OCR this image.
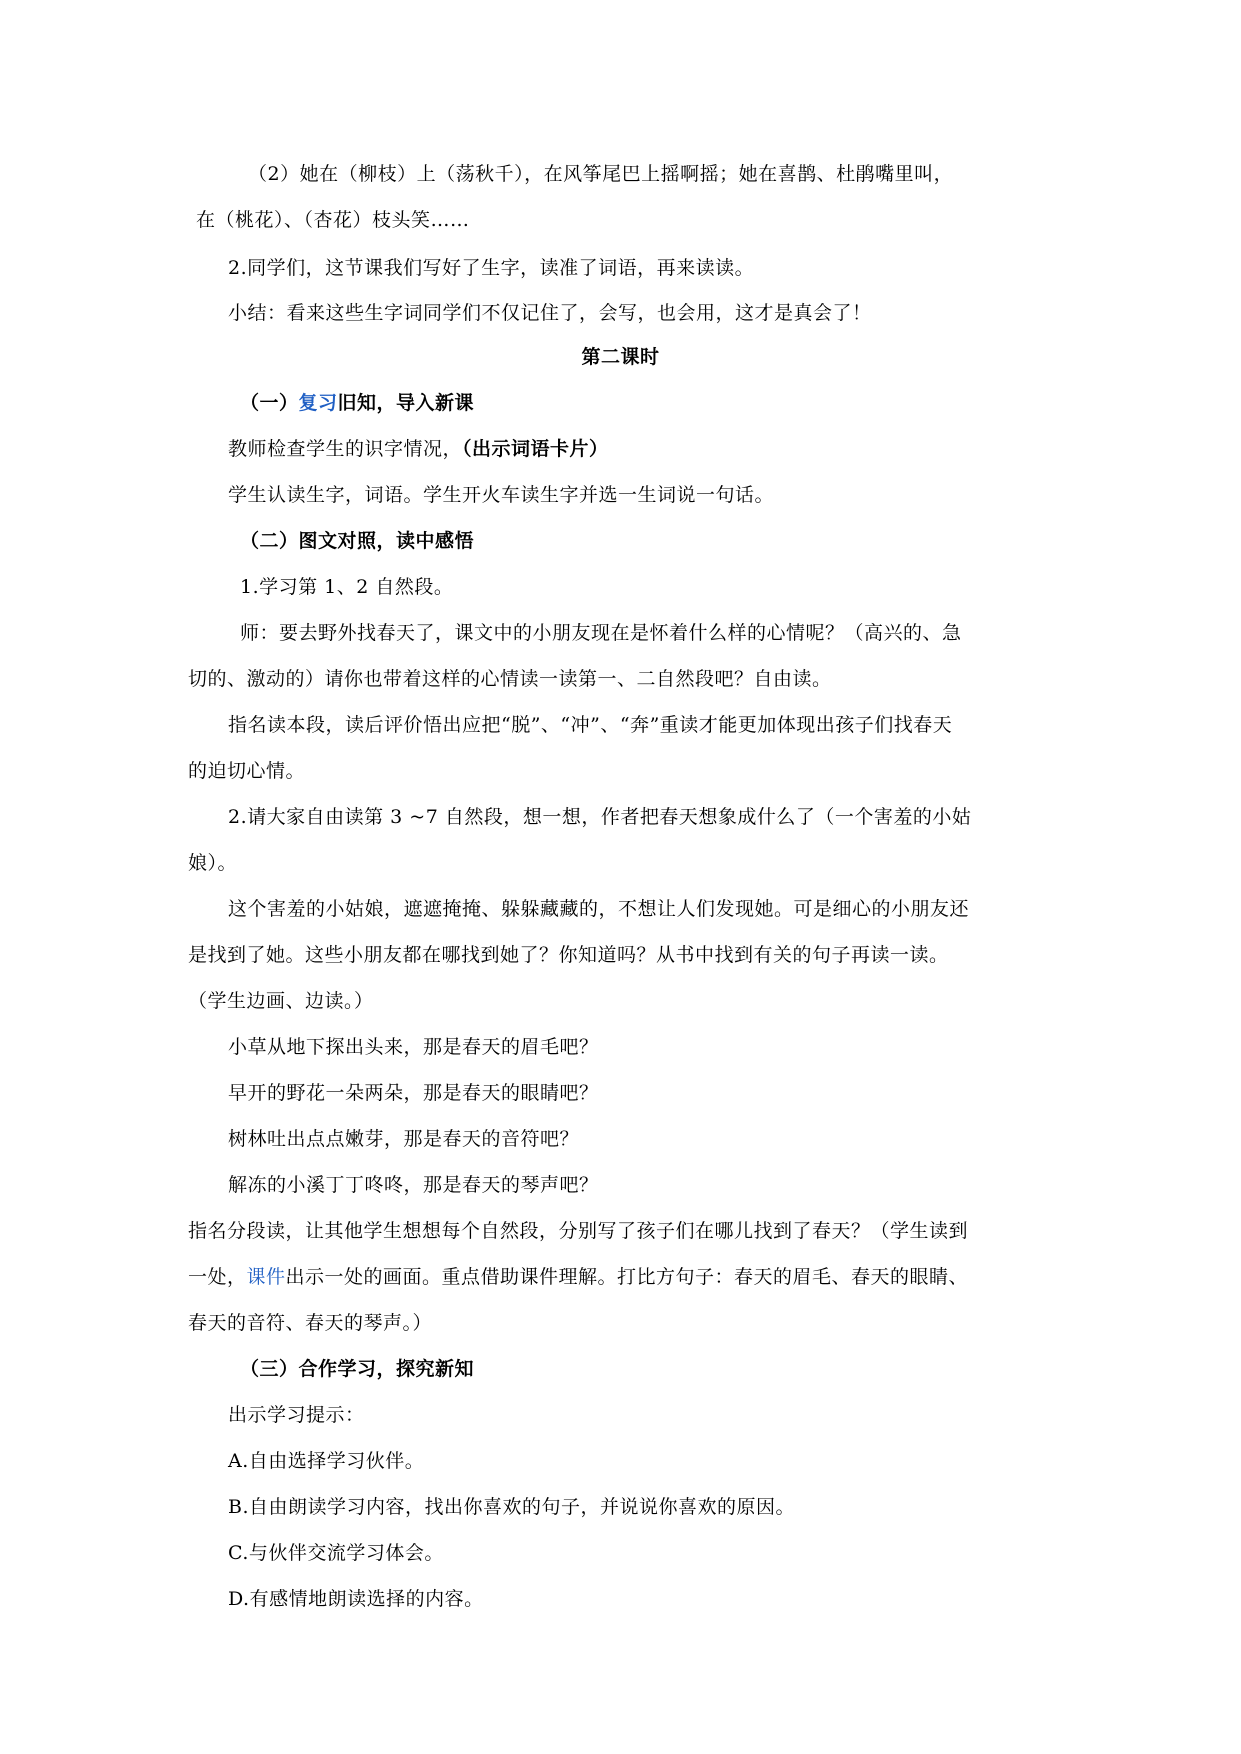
（2）她在（柳枝）上（荡秋千），在风筝尾巴上摇啊摇；她在喜鹊、杜鹃嘴里叫，
在（桃花）、（杏花）枝头笑……
2.同学们，这节课我们写好了生字，读准了词语，再来读读。
小结：看来这些生字词同学们不仅记住了，会写，也会用，这才是真会了！
第二课时
（一）复习旧知，导入新课
教师检查学生的识字情况，（出示词语卡片）
学生认读生字，词语。学生开火车读生字并选一生词说一句话。
（二）图文对照，读中感悟
1.学习第 1、2 自然段。
师：要去野外找春天了，课文中的小朋友现在是怀着什么样的心情呢？（高兴的、急
切的、激动的）请你也带着这样的心情读一读第一、二自然段吧？自由读。
指名读本段，读后评价悟出应把“脱”、“冲”、“奔”重读才能更加体现出孩子们找春天
的迫切心情。
2.请大家自由读第 3 ~7 自然段，想一想，作者把春天想象成什么了（一个害羞的小姑
娘）。
这个害羞的小姑娘，遮遮掩掩、躲躲藏藏的，不想让人们发现她。可是细心的小朋友还
是找到了她。这些小朋友都在哪找到她了？你知道吗？从书中找到有关的句子再读一读。
（学生边画、边读。）
小草从地下探出头来，那是春天的眉毛吧？
早开的野花一朵两朵，那是春天的眼睛吧？
树林吐出点点嫩芽，那是春天的音符吧？
解冻的小溪丁丁咚咚，那是春天的琴声吧？
指名分段读，让其他学生想想每个自然段，分别写了孩子们在哪儿找到了春天？（学生读到
一处，课件出示一处的画面。重点借助课件理解。打比方句子：春天的眉毛、春天的眼睛、
春天的音符、春天的琴声。）
（三）合作学习，探究新知
出示学习提示：
A.自由选择学习伙伴。
B.自由朗读学习内容，找出你喜欢的句子，并说说你喜欢的原因。
C.与伙伴交流学习体会。
D.有感情地朗读选择的内容。
